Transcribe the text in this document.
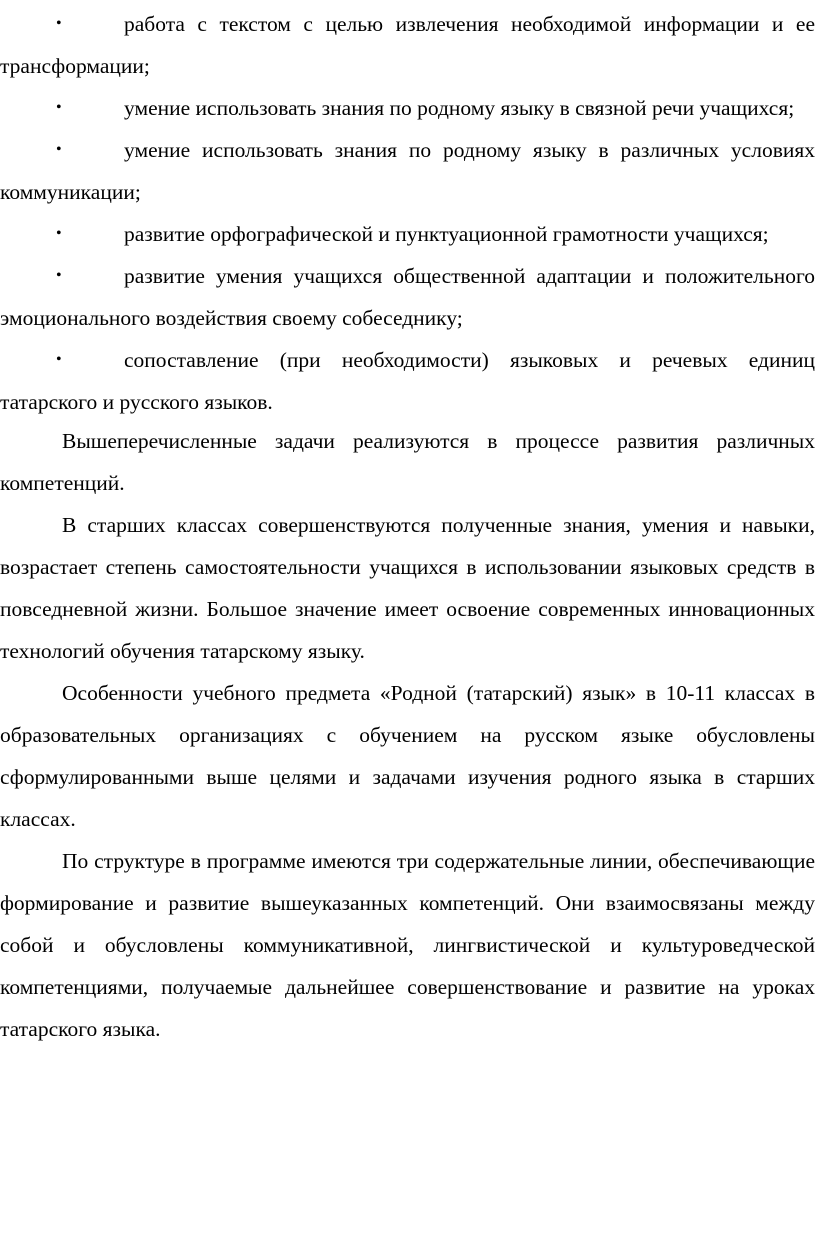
•	работа с текстом с целью извлечения необходимой информации и ее трансформации;
•	умение использовать знания по родному языку в связной речи учащихся;
•	умение использовать знания по родному языку в различных условиях коммуникации;
•	развитие орфографической и пунктуационной грамотности учащихся;
•	развитие умения учащихся общественной адаптации и положительного эмоционального воздействия своему собеседнику;
•	сопоставление (при необходимости) языковых и речевых единиц татарского и русского языков.

Вышеперечисленные задачи реализуются в процессе развития различных компетенций.

В старших классах совершенствуются полученные знания, умения и навыки, возрастает степень самостоятельности учащихся в использовании языковых средств в повседневной жизни. Большое значение имеет освоение современных инновационных технологий обучения татарскому языку.

Особенности учебного предмета «Родной (татарский) язык» в 10-11 классах в образовательных организациях с обучением на русском языке обусловлены сформулированными выше целями и задачами изучения родного языка в старших классах.

По структуре в программе имеются три содержательные линии, обеспечивающие формирование и развитие вышеуказанных компетенций. Они взаимосвязаны между собой и обусловлены коммуникативной, лингвистической и культуроведческой компетенциями, получаемые дальнейшее совершенствование и развитие на уроках татарского языка.
